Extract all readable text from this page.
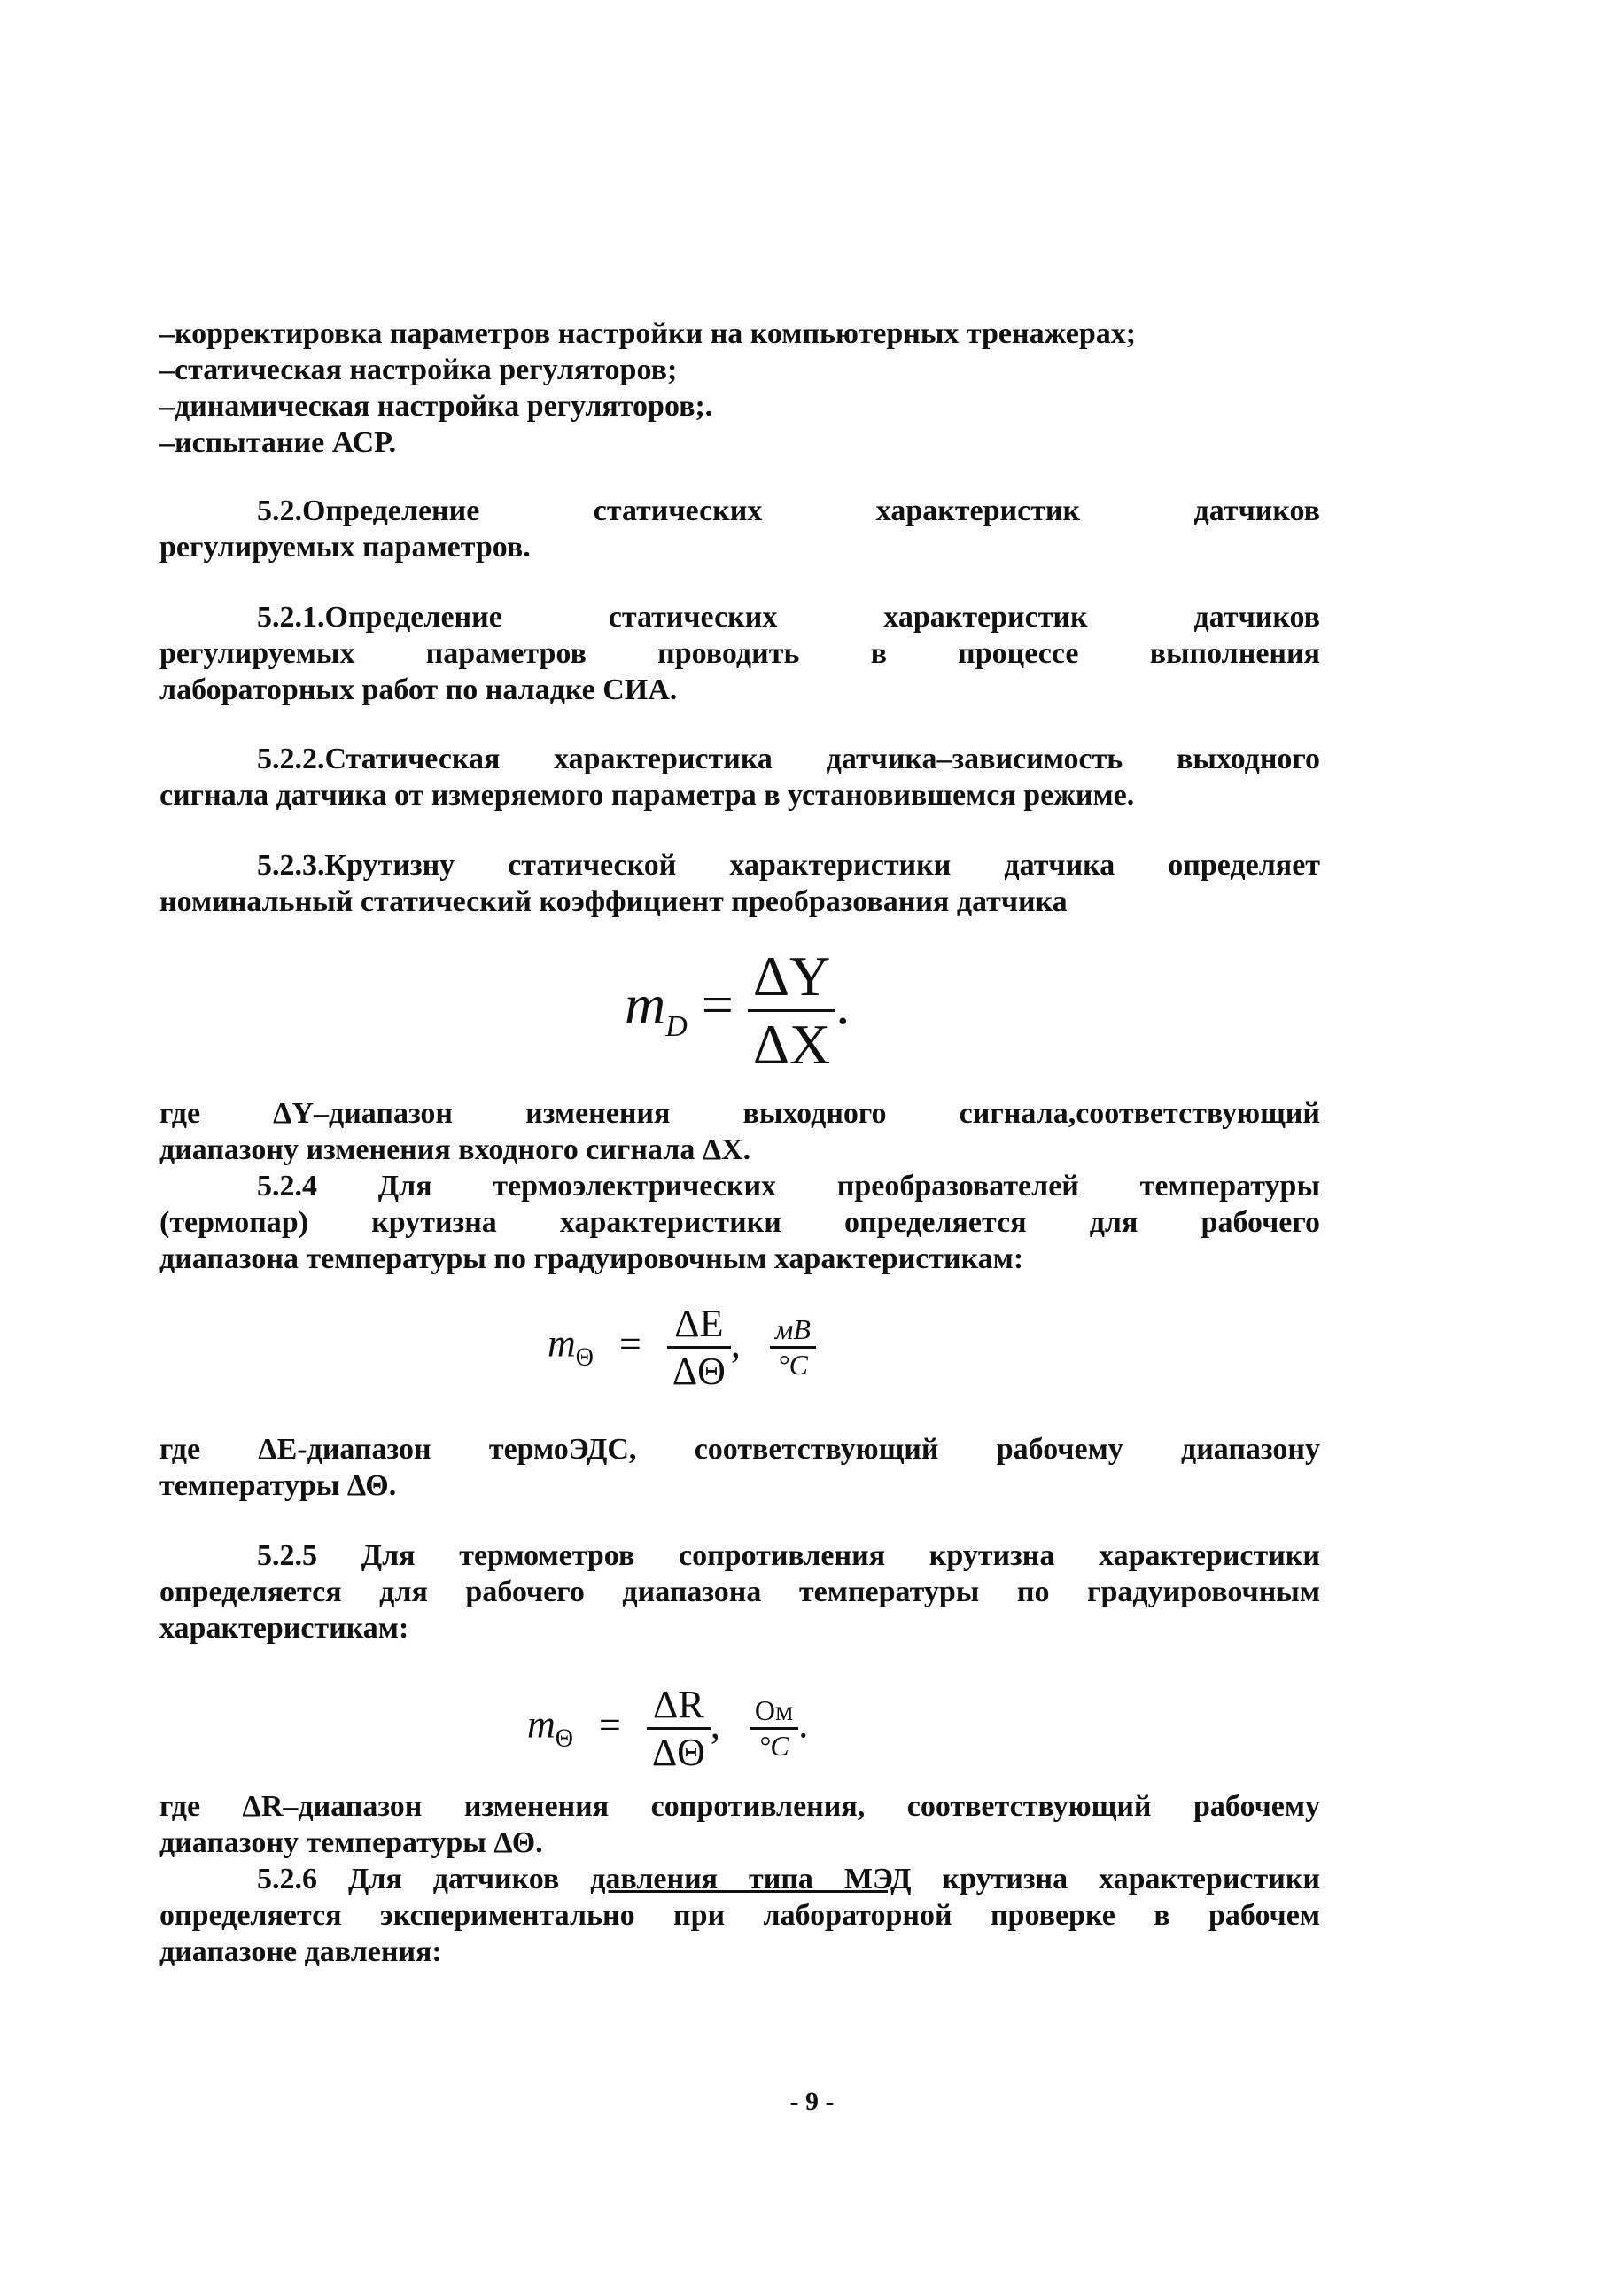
–корректировка параметров настройки на компьютерных тренажерах;
–статическая настройка регуляторов;
–динамическая настройка регуляторов;.
–испытание АСР.
5.2.Определение статических характеристик датчиков
регулируемых параметров.
5.2.1.Определение статических характеристик датчиков
регулируемых параметров проводить в процессе выполнения
лабораторных работ по наладке СИА.
5.2.2.Статическая характеристика датчика–зависимость выходного
сигнала датчика от измеряемого параметра в установившемся режиме.
5.2.3.Крутизну статической характеристики датчика определяет
номинальный статический коэффициент преобразования датчика
$m_D = \frac{\Delta Y}{\Delta X}$ .
где ΔY–диапазон изменения выходного сигнала,соответствующий
диапазону изменения входного сигнала ΔX.
5.2.4 Для термоэлектрических преобразователей температуры
(термопар) крутизна характеристики определяется для рабочего
диапазона температуры по градуировочным характеристикам:
$m_\Theta = \frac{\Delta E}{\Delta\Theta}$ , $\frac{мВ}{^\circ С}$
где ΔE-диапазон термоЭДС, соответствующий рабочему диапазону
температуры ΔΘ.
5.2.5 Для термометров сопротивления крутизна характеристики
определяется для рабочего диапазона температуры по градуировочным
характеристикам:
$m_\Theta = \frac{\Delta R}{\Delta\Theta}$ , $\frac{Ом}{^\circ С}$ .
где ΔR–диапазон изменения сопротивления, соответствующий рабочему
диапазону температуры ΔΘ.
5.2.6 Для датчиков давления типа МЭД крутизна характеристики
определяется экспериментально при лабораторной проверке в рабочем
диапазоне давления:
- 9 -
